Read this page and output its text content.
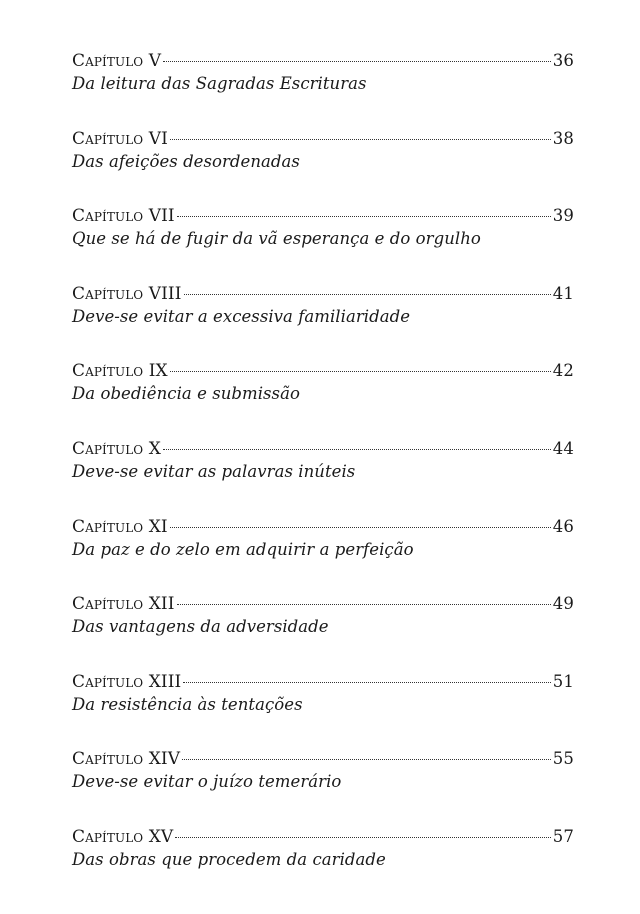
Capítulo V	36
Da leitura das Sagradas Escrituras
Capítulo VI	38
Das afeições desordenadas
Capítulo VII	39
Que se há de fugir da vã esperança e do orgulho
Capítulo VIII	41
Deve-se evitar a excessiva familiaridade
Capítulo IX	42
Da obediência e submissão
Capítulo X	44
Deve-se evitar as palavras inúteis
Capítulo XI	46
Da paz e do zelo em adquirir a perfeição
Capítulo XII	49
Das vantagens da adversidade
Capítulo XIII	51
Da resistência às tentações
Capítulo XIV	55
Deve-se evitar o juízo temerário
Capítulo XV	57
Das obras que procedem da caridade
